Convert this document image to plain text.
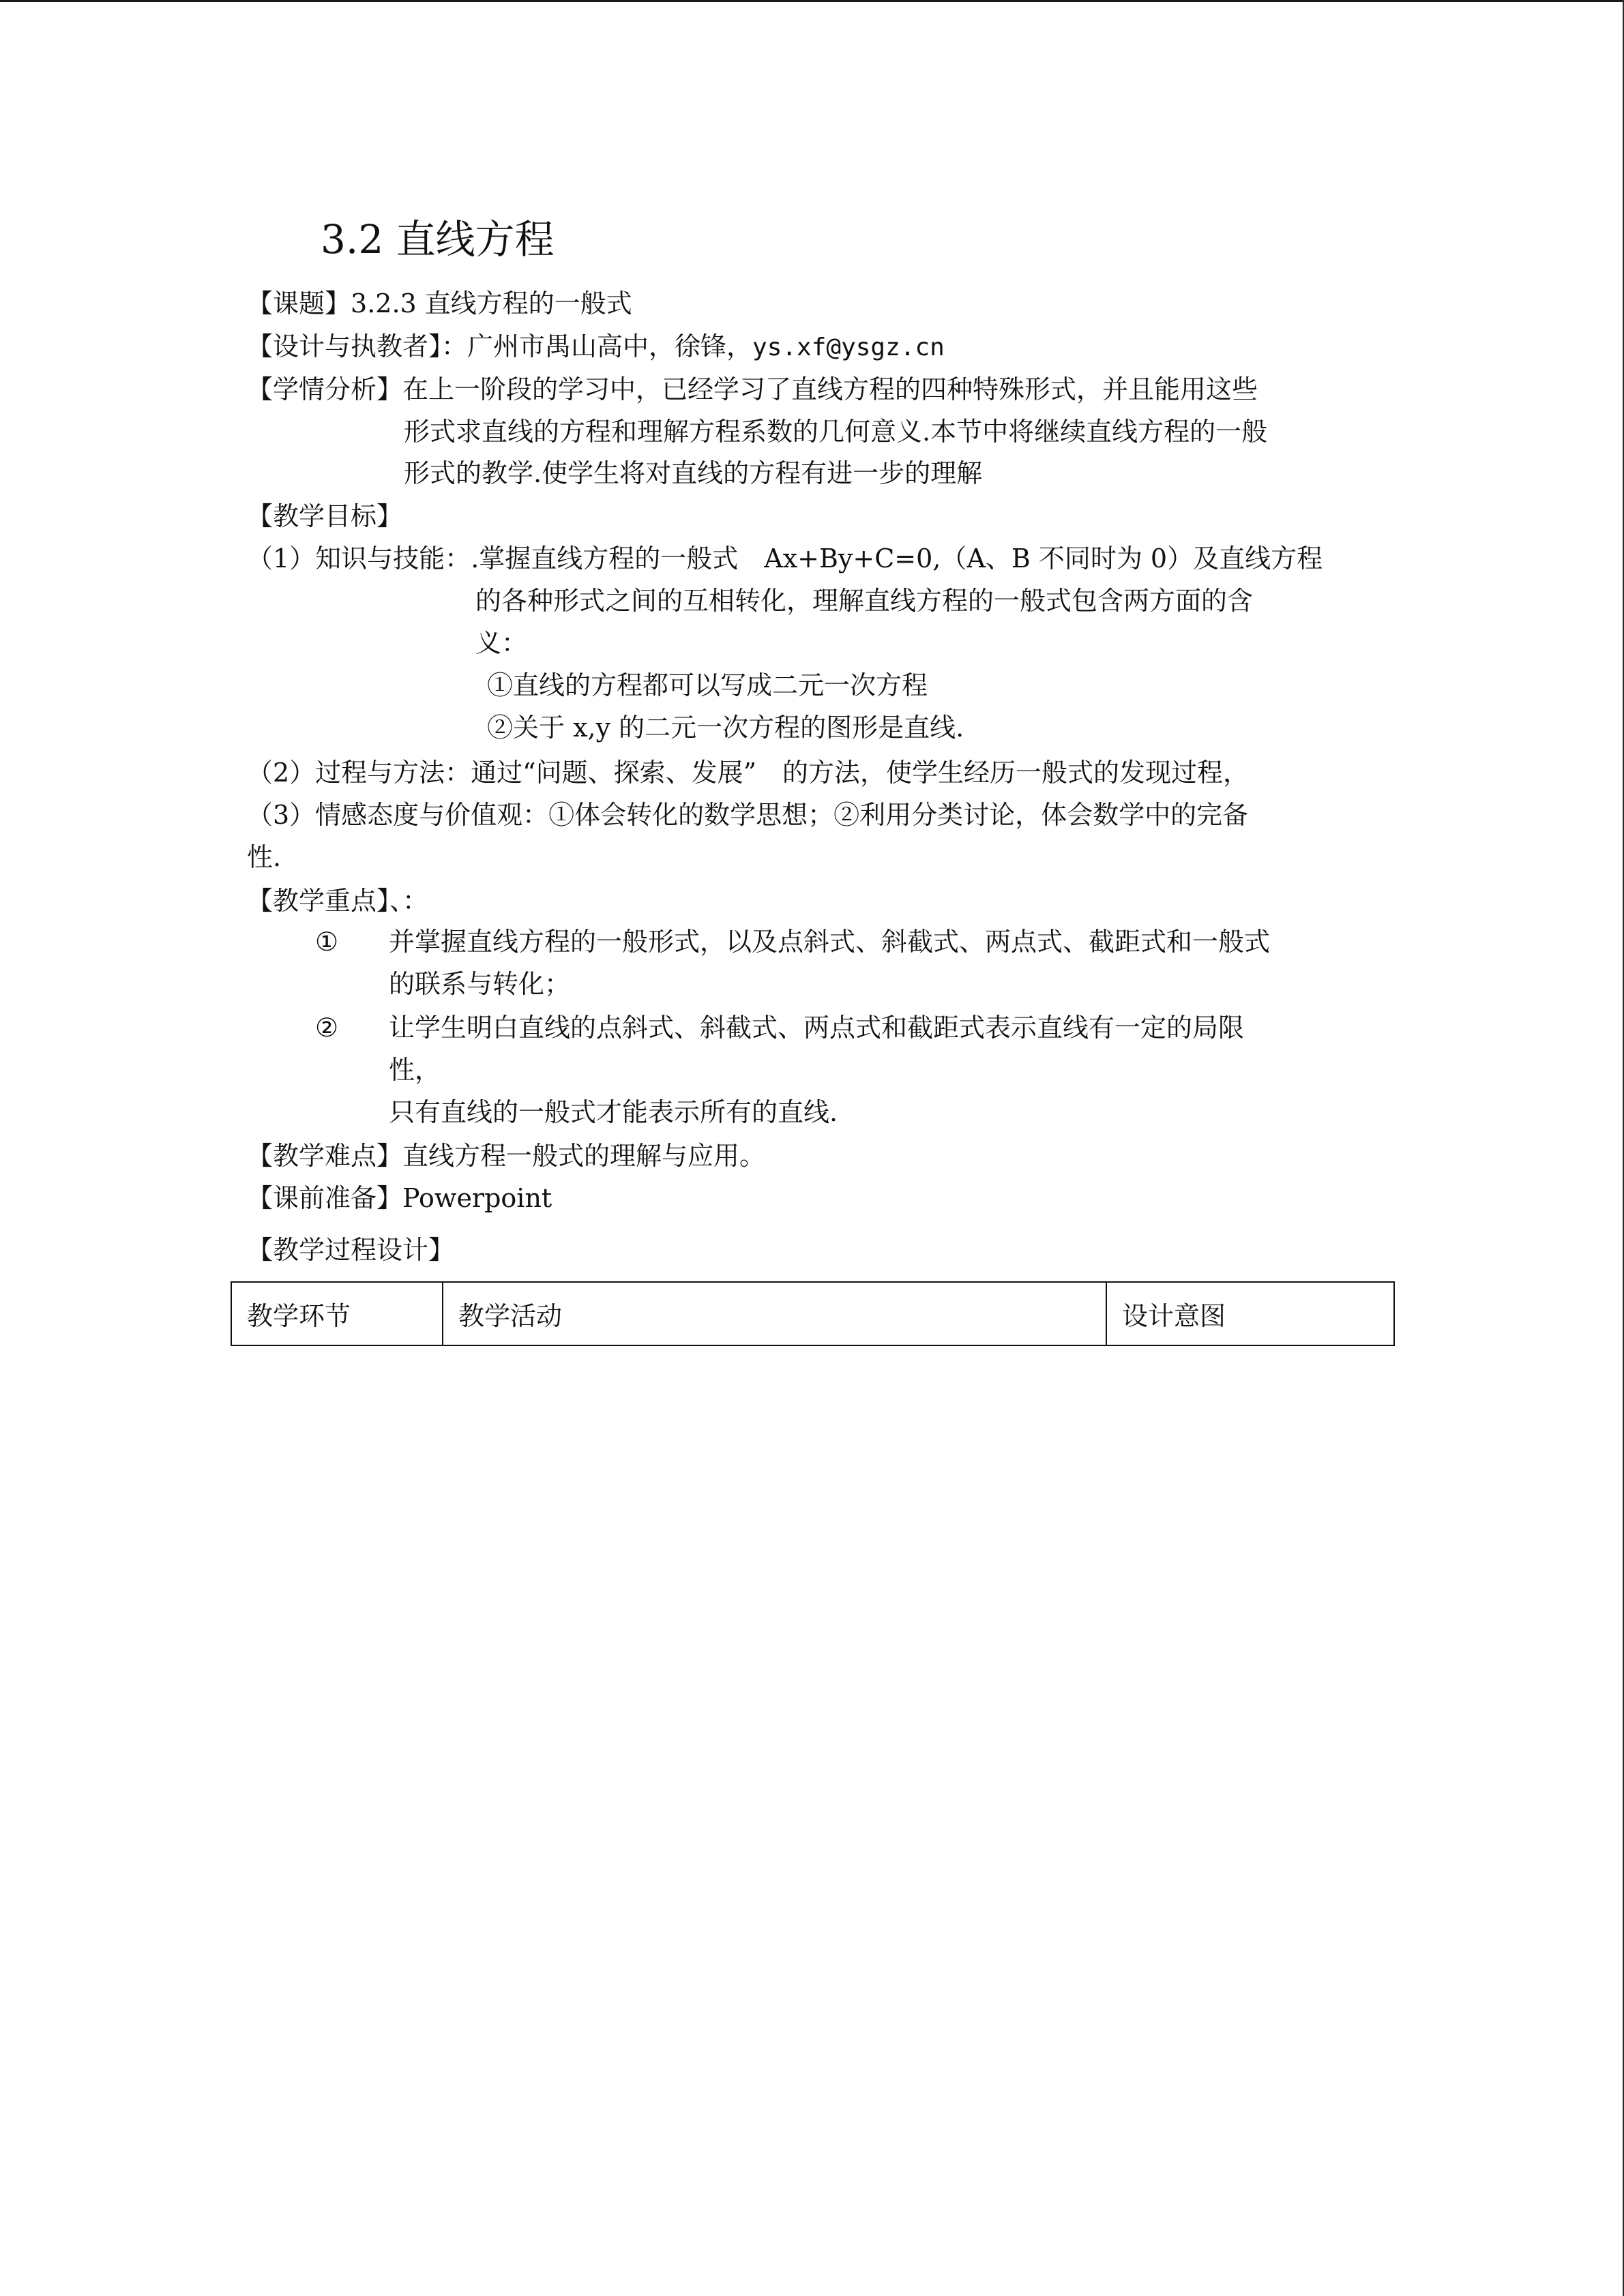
3.2 直线方程
【课题】3.2.3 直线方程的一般式
【设计与执教者】：广州市禺山高中，徐锋，ys.xf@ysgz.cn
【学情分析】在上一阶段的学习中，已经学习了直线方程的四种特殊形式，并且能用这些
形式求直线的方程和理解方程系数的几何意义.本节中将继续直线方程的一般
形式的教学.使学生将对直线的方程有进一步的理解
【教学目标】
（1）知识与技能：.掌握直线方程的一般式　Ax+By+C=0,（A、B 不同时为 0）及直线方程
的各种形式之间的互相转化，理解直线方程的一般式包含两方面的含
义：
①直线的方程都可以写成二元一次方程
②关于 x,y 的二元一次方程的图形是直线.
（2）过程与方法：通过“问题、探索、发展”　的方法，使学生经历一般式的发现过程，
（3）情感态度与价值观：①体会转化的数学思想；②利用分类讨论，体会数学中的完备
性.
【教学重点】、：
① 并掌握直线方程的一般形式，以及点斜式、斜截式、两点式、截距式和一般式
的联系与转化；
② 让学生明白直线的点斜式、斜截式、两点式和截距式表示直线有一定的局限
性，
只有直线的一般式才能表示所有的直线.
【教学难点】直线方程一般式的理解与应用。
【课前准备】Powerpoint
【教学过程设计】
教学环节	教学活动	设计意图
